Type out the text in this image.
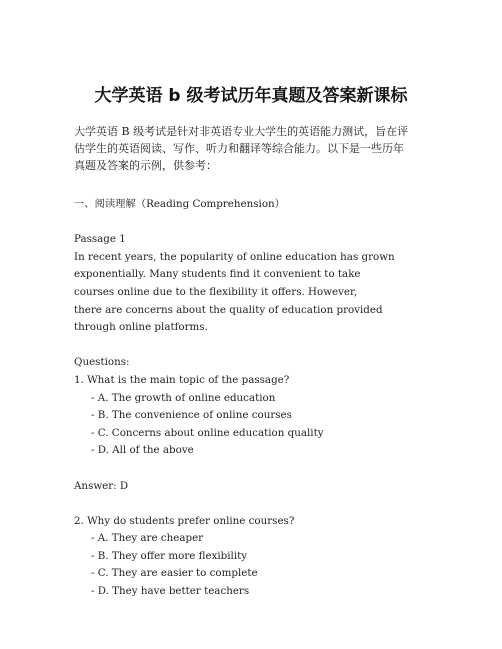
大学英语 b 级考试历年真题及答案新课标
大学英语 B 级考试是针对非英语专业大学生的英语能力测试，旨在评
估学生的英语阅读、写作、听力和翻译等综合能力。以下是一些历年
真题及答案的示例，供参考：
一、阅读理解（Reading Comprehension）
Passage 1
In recent years, the popularity of online education has grown
exponentially. Many students find it convenient to take
courses online due to the flexibility it offers. However,
there are concerns about the quality of education provided
through online platforms.
Questions:
1. What is the main topic of the passage?
- A. The growth of online education
- B. The convenience of online courses
- C. Concerns about online education quality
- D. All of the above
Answer: D
2. Why do students prefer online courses?
- A. They are cheaper
- B. They offer more flexibility
- C. They are easier to complete
- D. They have better teachers
